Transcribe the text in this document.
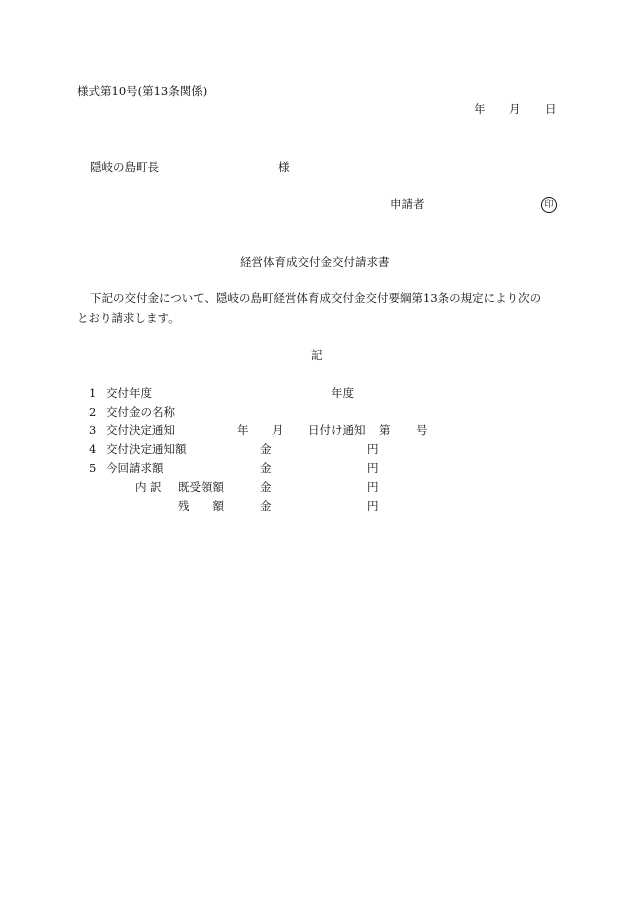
様式第10号(第13条関係)
年 月 日
隠岐の島町長	様
申請者	印
経営体育成交付金交付請求書
下記の交付金について、隠岐の島町経営体育成交付金交付要綱第13条の規定により次の
とおり請求します。
記
1 交付年度	年度
2 交付金の名称
3 交付決定通知	年 月 日付け通知 第 号
4 交付決定通知額	金	円
5 今回請求額	金	円
内 訳 既受領額	金	円
残　　額	金	円
